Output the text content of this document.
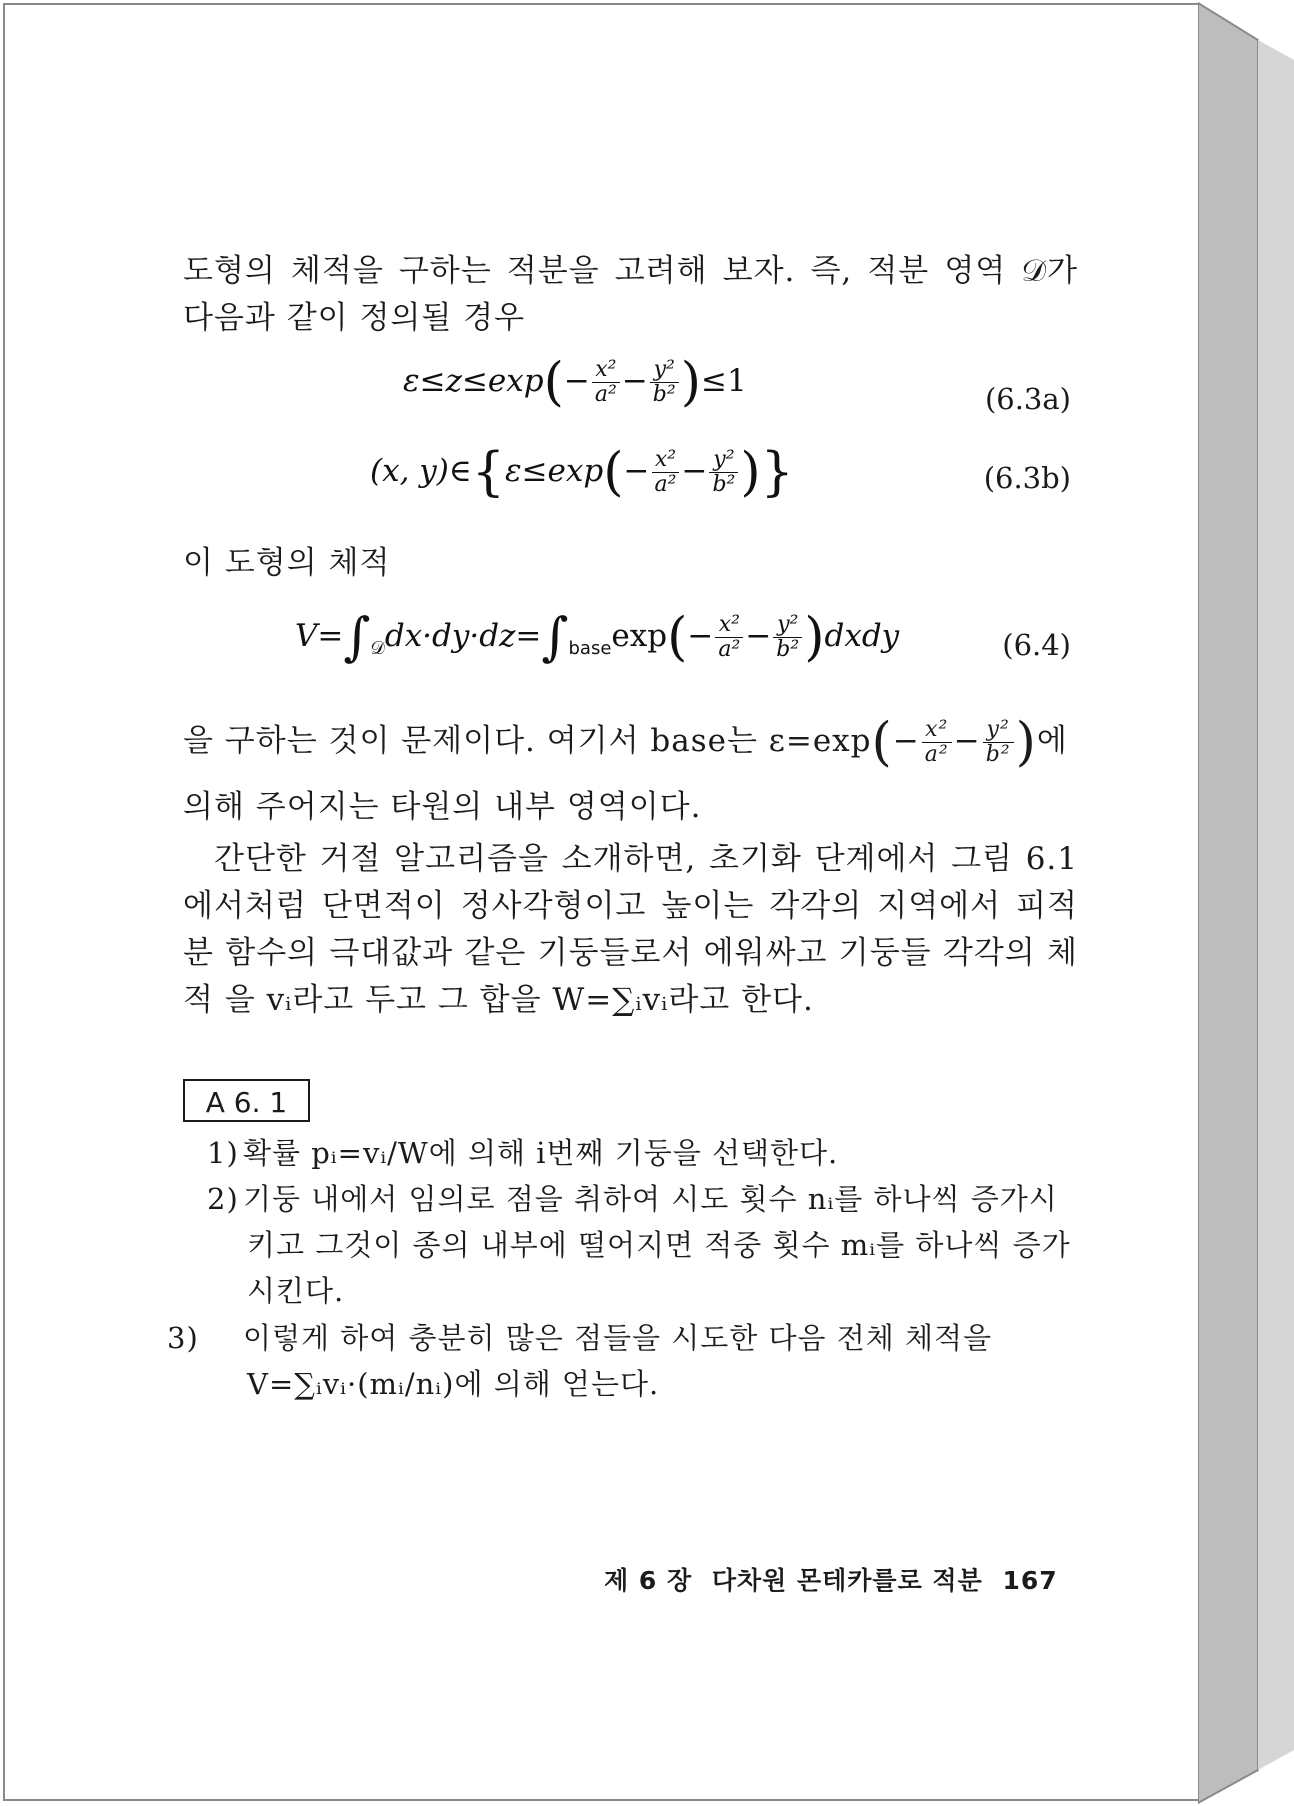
도형의 체적을 구하는 적분을 고려해 보자. 즉, 적분 영역 𝒟가 다음과 같이 정의될 경우
$\varepsilon\le z\le\exp(- \frac{\text{x²}}{\text{a²}} - \frac{\text{y²}}{\text{b²}} )\le 1$	(6.3a)
(x, y)∈{ε≤exp(− $\frac{\text{x²}}{\text{a²}} - \frac{\text{y²}}{\text{b²}}$ )}	(6.3b)
이 도형의 체적
$V=\int_𝒟dx\cdot dy\cdot dz=\int_{base}\exp(- \frac{\text{x²}}{\text{a²}} - \frac{\text{y²}}{\text{b²}}$ )dxdy	(6.4)
을 구하는 것이 문제이다. 여기서 base는 $\varepsilon=\exp(- \frac{\text{x²}}{\text{a²}} - \frac{\text{y²}}{\text{b²}}$ )에
의해 주어지는 타원의 내부 영역이다.
간단한 거절 알고리즘을 소개하면, 초기화 단계에서 그림 6.1 에서처럼 단면적이 정사각형이고 높이는 각각의 지역에서 피적분 함수의 극대값과 같은 기둥들로서 에워싸고 기둥들 각각의 체적 을 vᵢ라고 두고 그 합을 W=∑ᵢvᵢ라고 한다.
A 6. 1
1) 확률 pᵢ=vᵢ/W에 의해 i번째 기둥을 선택한다.
2) 기둥 내에서 임의로 점을 취하여 시도 횟수 nᵢ를 하나씩 증가시키고 그것이 종의 내부에 떨어지면 적중 횟수 mᵢ를 하나씩 증가시킨다.
3) 이렇게 하여 충분히 많은 점들을 시도한 다음 전체 체적을 V=∑ᵢvᵢ·(mᵢ/nᵢ)에 의해 얻는다.
제 6 장 다차원 몬테카를로 적분 167
